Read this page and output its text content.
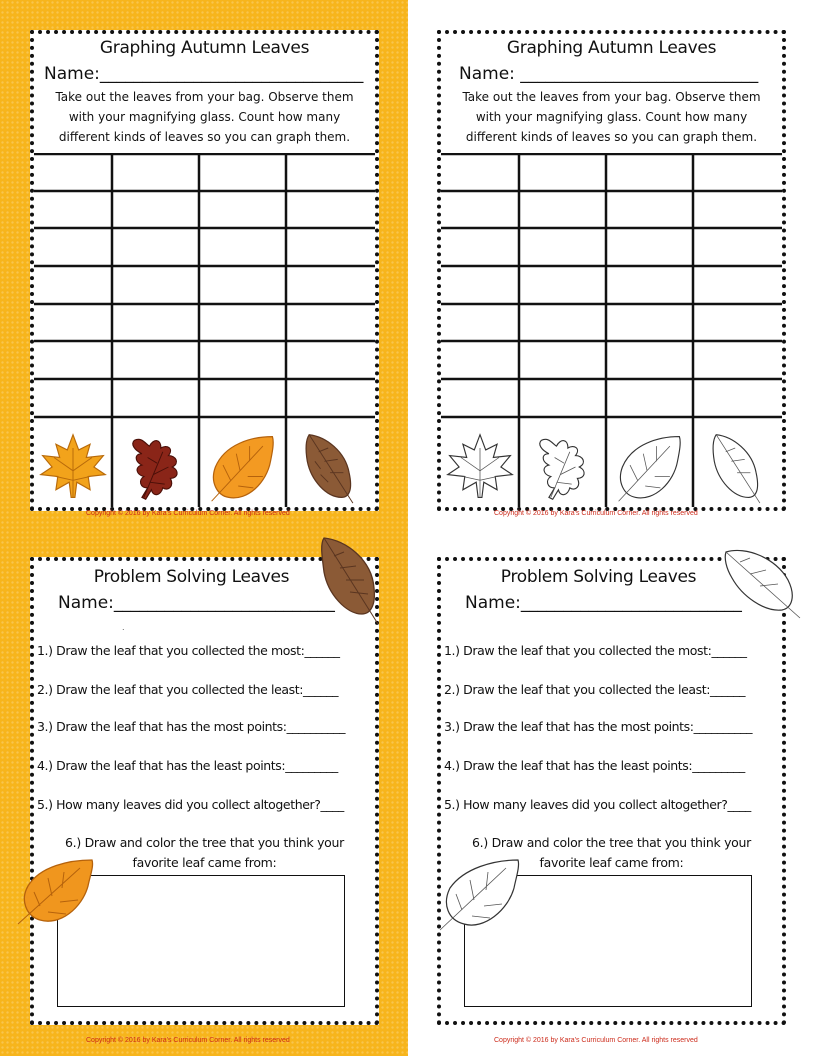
Graphing Autumn Leaves
Name:_______________________________
Take out the leaves from your bag. Observe them with your magnifying glass. Count how many different kinds of leaves so you can graph them.
Copyright © 2016 by Kara's Curriculum Corner. All rights reserved
Graphing Autumn Leaves
Name: ____________________________
Take out the leaves from your bag. Observe them with your magnifying glass. Count how many different kinds of leaves so you can graph them.
Copyright © 2016 by Kara's Curriculum Corner. All rights reserved
Problem Solving Leaves
Name:__________________________
.
1.) Draw the leaf that you collected the most:______
2.) Draw the leaf that you collected the least:______
3.) Draw the leaf that has the most points:__________
4.) Draw the leaf that has the least points:_________
5.) How many leaves did you collect altogether?____
6.) Draw and color the tree that you think your favorite leaf came from:
Copyright © 2016 by Kara's Curriculum Corner. All rights reserved
Problem Solving Leaves
Name:__________________________
1.) Draw the leaf that you collected the most:______
2.) Draw the leaf that you collected the least:______
3.) Draw the leaf that has the most points:__________
4.) Draw the leaf that has the least points:_________
5.) How many leaves did you collect altogether?____
6.) Draw and color the tree that you think your favorite leaf came from:
Copyright © 2016 by Kara's Curriculum Corner. All rights reserved
